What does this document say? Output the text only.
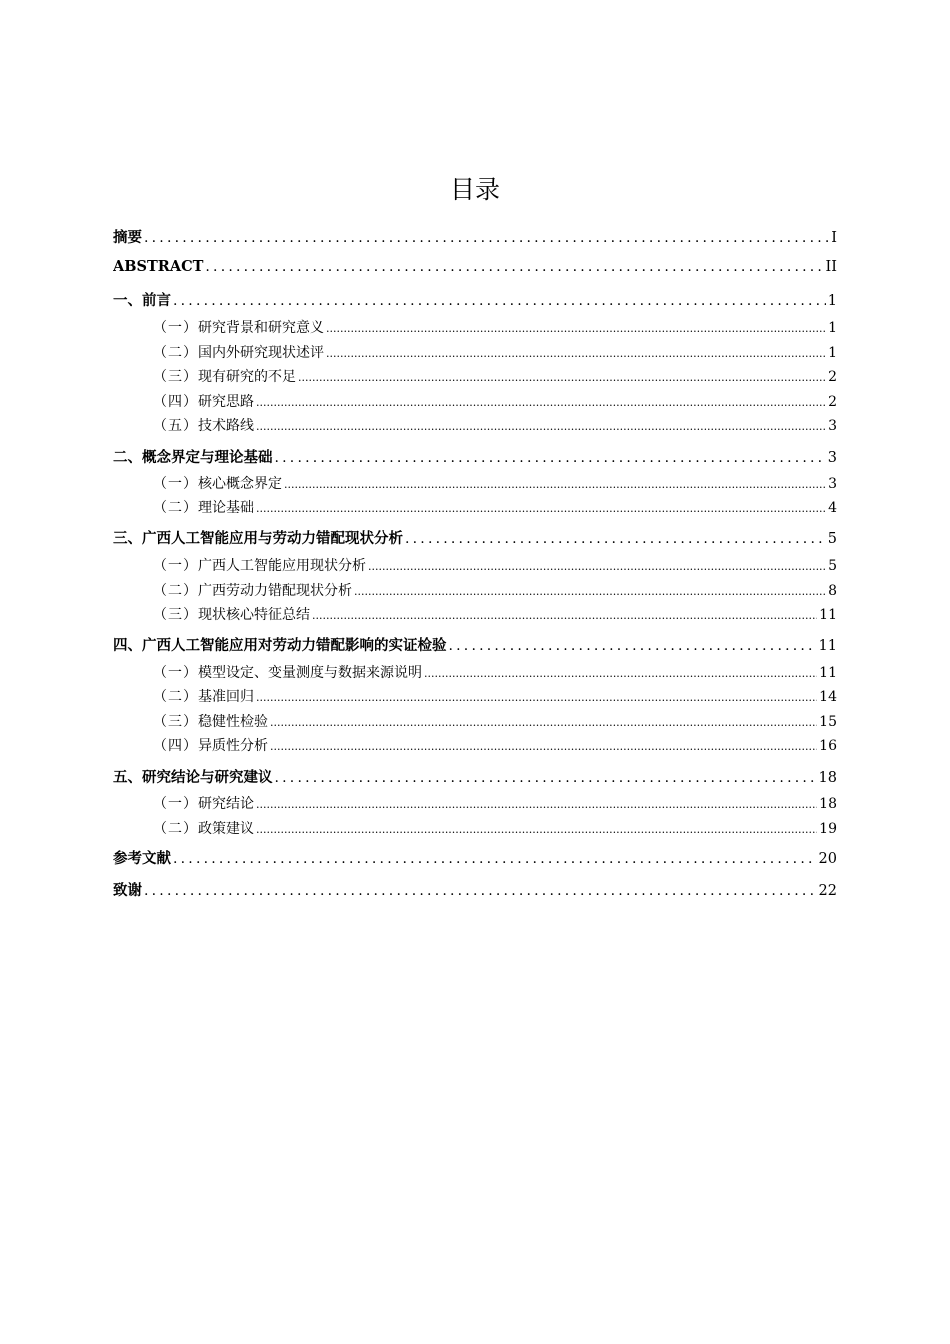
目录
摘要 .....	I
ABSTRACT .....	II
一、 前言 .....	1
（一） 研究背景和研究意义 .....	1
（二） 国内外研究现状述评 .....	1
（三） 现有研究的不足 .....	2
（四） 研究思路 .....	2
（五） 技术路线 .....	3
二、 概念界定与理论基础 .....	3
（一） 核心概念界定 .....	3
（二） 理论基础 .....	4
三、 广西人工智能应用与劳动力错配现状分析 .....	5
（一） 广西人工智能应用现状分析 .....	5
（二） 广西劳动力错配现状分析 .....	8
（三） 现状核心特征总结 .....	11
四、 广西人工智能应用对劳动力错配影响的实证检验 .....	11
（一） 模型设定、变量测度与数据来源说明 .....	11
（二） 基准回归 .....	14
（三） 稳健性检验 .....	15
（四） 异质性分析 .....	16
五、 研究结论与研究建议 .....	18
（一） 研究结论 .....	18
（二） 政策建议 .....	19
参考文献 .....	20
致谢 .....	22
